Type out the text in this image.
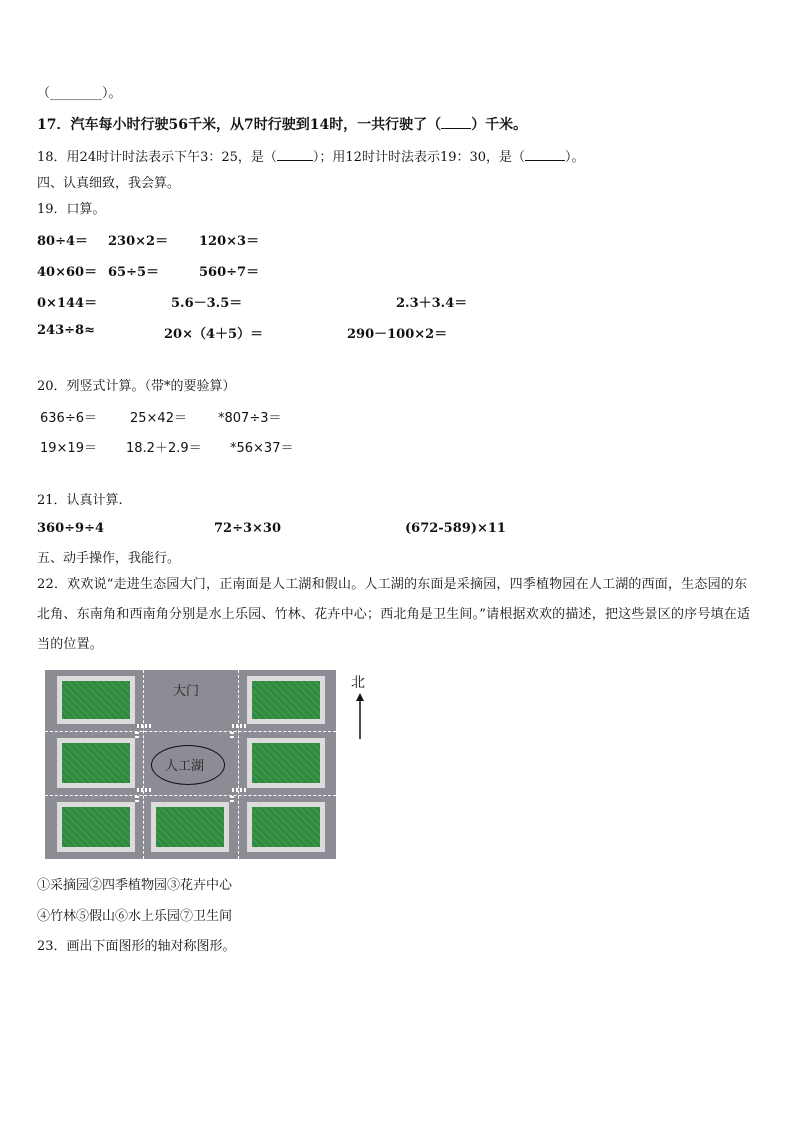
（________）。
17．汽车每小时行驶56千米，从7时行驶到14时，一共行驶了（ ）千米。
18．用24时计时法表示下午3：25，是（	）；用12时计时法表示19：30，是（	）。
四、认真细致，我会算。
19．口算。
80÷4＝ 230×2＝ 120×3＝
40×60＝ 65÷5＝	560÷7＝
0×144＝	5.6－3.5＝	2.3＋3.4＝
243÷8≈	20×（4＋5）＝	290－100×2＝
20．列竖式计算。（带*的要验算）
636÷6＝	25×42＝ *807÷3＝
19×19＝ 18.2＋2.9＝ *56×37＝
21．认真计算.
360÷9÷4	72÷3×30	(672-589)×11
五、动手操作，我能行。
22．欢欢说“走进生态园大门，正南面是人工湖和假山。人工湖的东面是采摘园，四季植物园在人工湖的西面，生态园的东北角、东南角和西南角分别是水上乐园、竹林、花卉中心；西北角是卫生间。”请根据欢欢的描述，把这些景区的序号填在适当的位置。
大门
人工湖
北
①采摘园②四季植物园③花卉中心
④竹林⑤假山⑥水上乐园⑦卫生间
23．画出下面图形的轴对称图形。
